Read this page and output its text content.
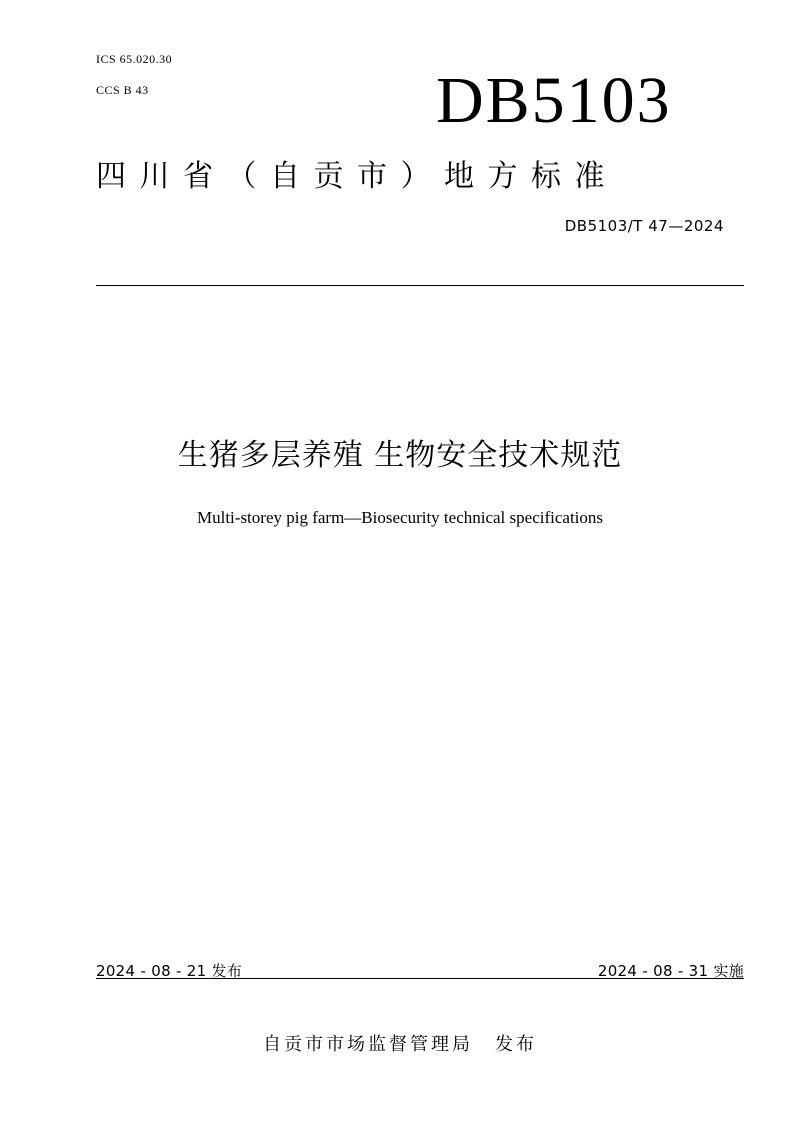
ICS 65.020.30
CCS B 43	DB5103
四川省（自贡市）地方标准
DB5103/T 47—2024
生猪多层养殖 生物安全技术规范
Multi-storey pig farm—Biosecurity technical specifications
2024 - 08 - 21 发布	2024 - 08 - 31 实施
自贡市市场监督管理局 发布
